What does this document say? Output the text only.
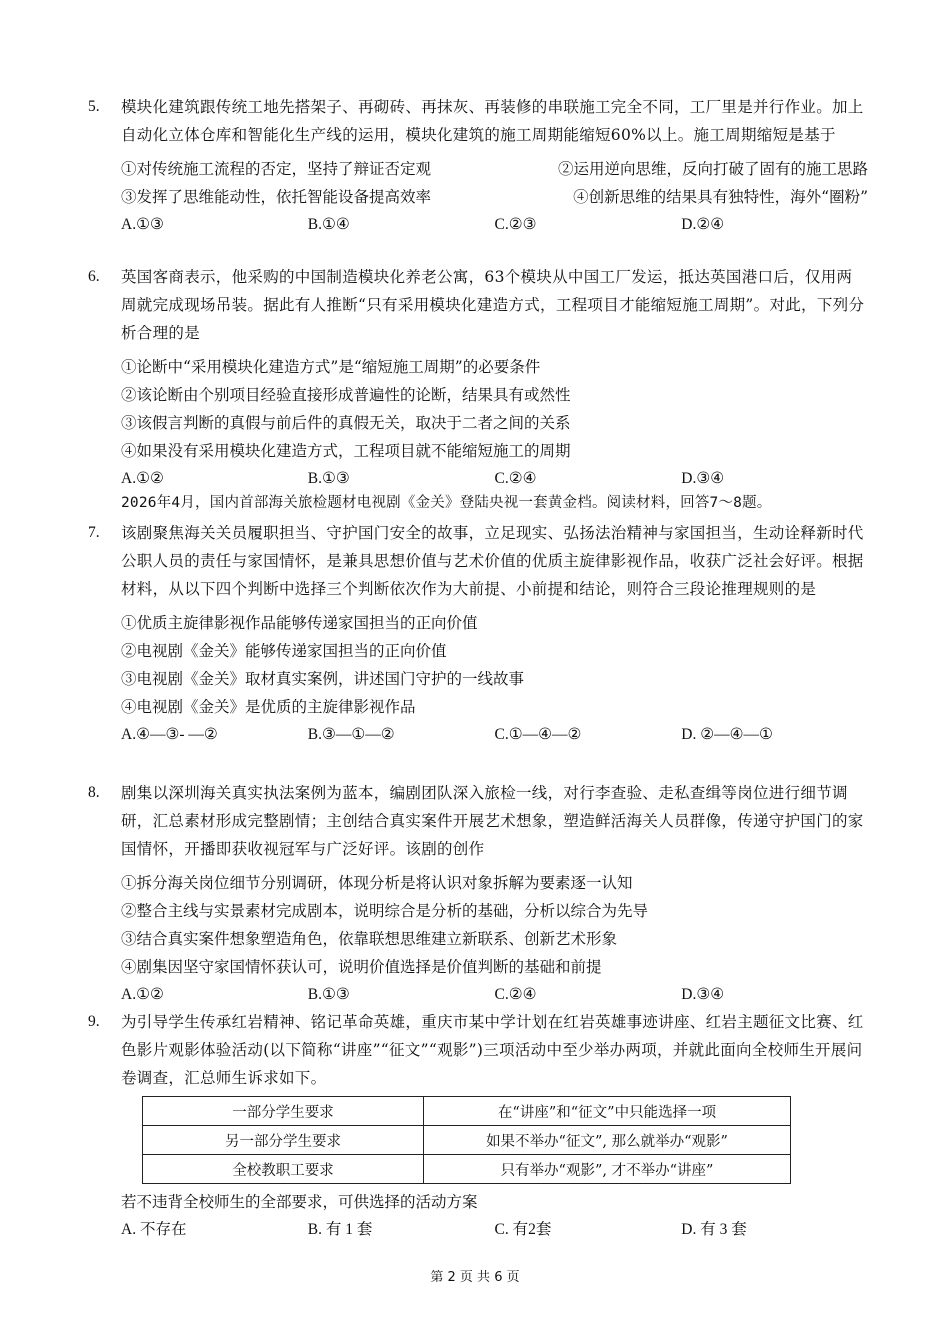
5. 模块化建筑跟传统工地先搭架子、再砌砖、再抹灰、再装修的串联施工完全不同，工厂里是并行作业。加上自动化立体仓库和智能化生产线的运用，模块化建筑的施工周期能缩短60%以上。施工周期缩短是基于
①对传统施工流程的否定，坚持了辩证否定观	②运用逆向思维，反向打破了固有的施工思路
③发挥了思维能动性，依托智能设备提高效率	④创新思维的结果具有独特性，海外“圈粉”
A.①③	B.①④	C.②③	D.②④
6. 英国客商表示，他采购的中国制造模块化养老公寓，63个模块从中国工厂发运，抵达英国港口后，仅用两周就完成现场吊装。据此有人推断“只有采用模块化建造方式，工程项目才能缩短施工周期”。对此，下列分析合理的是
①论断中“采用模块化建造方式”是“缩短施工周期”的必要条件
②该论断由个别项目经验直接形成普遍性的论断，结果具有或然性
③该假言判断的真假与前后件的真假无关，取决于二者之间的关系
④如果没有采用模块化建造方式，工程项目就不能缩短施工的周期
A.①②	B.①③	C.②④	D.③④
2026年4月，国内首部海关旅检题材电视剧《金关》登陆央视一套黄金档。阅读材料，回答7～8题。
7. 该剧聚焦海关关员履职担当、守护国门安全的故事，立足现实、弘扬法治精神与家国担当，生动诠释新时代公职人员的责任与家国情怀，是兼具思想价值与艺术价值的优质主旋律影视作品，收获广泛社会好评。根据材料，从以下四个判断中选择三个判断依次作为大前提、小前提和结论，则符合三段论推理规则的是
①优质主旋律影视作品能够传递家国担当的正向价值
②电视剧《金关》能够传递家国担当的正向价值
③电视剧《金关》取材真实案例，讲述国门守护的一线故事
④电视剧《金关》是优质的主旋律影视作品
A.④—③- —②	B.③—①—②	C.①—④—②	D. ②—④—①
8. 剧集以深圳海关真实执法案例为蓝本，编剧团队深入旅检一线，对行李查验、走私查缉等岗位进行细节调研，汇总素材形成完整剧情；主创结合真实案件开展艺术想象，塑造鲜活海关人员群像，传递守护国门的家国情怀，开播即获收视冠军与广泛好评。该剧的创作
①拆分海关岗位细节分别调研，体现分析是将认识对象拆解为要素逐一认知
②整合主线与实景素材完成剧本，说明综合是分析的基础，分析以综合为先导
③结合真实案件想象塑造角色，依靠联想思维建立新联系、创新艺术形象
④剧集因坚守家国情怀获认可，说明价值选择是价值判断的基础和前提
A.①②	B.①③	C.②④	D.③④
9. 为引导学生传承红岩精神、铭记革命英雄，重庆市某中学计划在红岩英雄事迹讲座、红岩主题征文比赛、红色影片观影体验活动(以下简称“讲座”“征文”“观影”)三项活动中至少举办两项，并就此面向全校师生开展问卷调查，汇总师生诉求如下。
一部分学生要求	在“讲座”和“征文”中只能选择一项
另一部分学生要求	如果不举办“征文”, 那么就举办“观影”
全校教职工要求	只有举办“观影”, 才不举办“讲座”
若不违背全校师生的全部要求，可供选择的活动方案
A. 不存在	B. 有 1 套	C. 有2套	D. 有 3 套
第 2 页 共 6 页
